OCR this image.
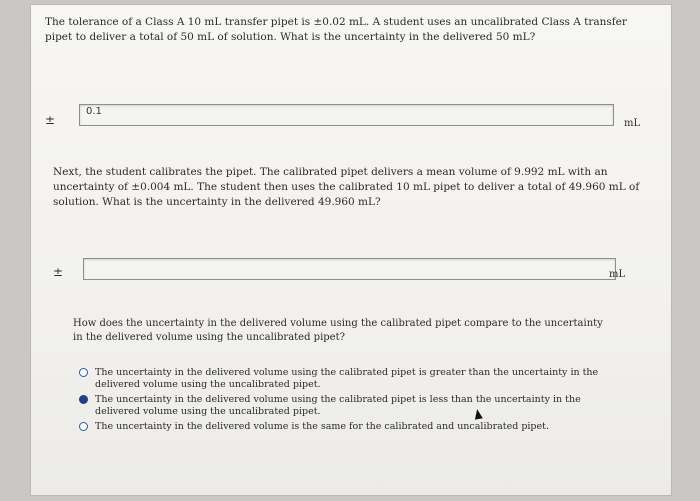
The tolerance of a Class A 10 mL transfer pipet is ±0.02 mL. A student uses an uncalibrated Class A transfer pipet to deliver a total of 50 mL of solution. What is the uncertainty in the delivered 50 mL?
±
0.1
mL
Next, the student calibrates the pipet. The calibrated pipet delivers a mean volume of 9.992 mL with an uncertainty of ±0.004 mL. The student then uses the calibrated 10 mL pipet to deliver a total of 49.960 mL of solution. What is the uncertainty in the delivered 49.960 mL?
±	mL
How does the uncertainty in the delivered volume using the calibrated pipet compare to the uncertainty in the delivered volume using the uncalibrated pipet?
The uncertainty in the delivered volume using the calibrated pipet is greater than the uncertainty in the delivered volume using the uncalibrated pipet.
The uncertainty in the delivered volume using the calibrated pipet is less than the uncertainty in the delivered volume using the uncalibrated pipet.
The uncertainty in the delivered volume is the same for the calibrated and uncalibrated pipet.
